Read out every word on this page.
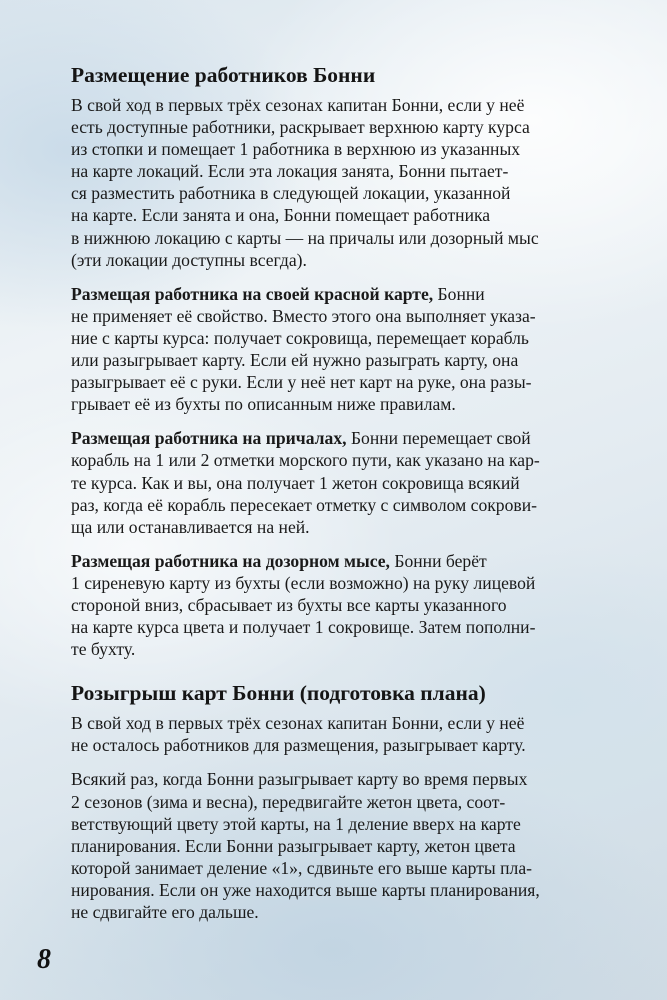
Размещение работников Бонни

В свой ход в первых трёх сезонах капитан Бонни, если у неё
есть доступные работники, раскрывает верхнюю карту курса
из стопки и помещает 1 работника в верхнюю из указанных
на карте локаций. Если эта локация занята, Бонни пытает-
ся разместить работника в следующей локации, указанной
на карте. Если занята и она, Бонни помещает работника
в нижнюю локацию с карты — на причалы или дозорный мыс
(эти локации доступны всегда).

Размещая работника на своей красной карте, Бонни
не применяет её свойство. Вместо этого она выполняет указа-
ние с карты курса: получает сокровища, перемещает корабль
или разыгрывает карту. Если ей нужно разыграть карту, она
разыгрывает её с руки. Если у неё нет карт на руке, она разы-
грывает её из бухты по описанным ниже правилам.

Размещая работника на причалах, Бонни перемещает свой
корабль на 1 или 2 отметки морского пути, как указано на кар-
те курса. Как и вы, она получает 1 жетон сокровища всякий
раз, когда её корабль пересекает отметку с символом сокрови-
ща или останавливается на ней.

Размещая работника на дозорном мысе, Бонни берёт
1 сиреневую карту из бухты (если возможно) на руку лицевой
стороной вниз, сбрасывает из бухты все карты указанного
на карте курса цвета и получает 1 сокровище. Затем пополни-
те бухту.

Розыгрыш карт Бонни (подготовка плана)

В свой ход в первых трёх сезонах капитан Бонни, если у неё
не осталось работников для размещения, разыгрывает карту.

Всякий раз, когда Бонни разыгрывает карту во время первых
2 сезонов (зима и весна), передвигайте жетон цвета, соот-
ветствующий цвету этой карты, на 1 деление вверх на карте
планирования. Если Бонни разыгрывает карту, жетон цвета
которой занимает деление «1», сдвиньте его выше карты пла-
нирования. Если он уже находится выше карты планирования,
не сдвигайте его дальше.

8
